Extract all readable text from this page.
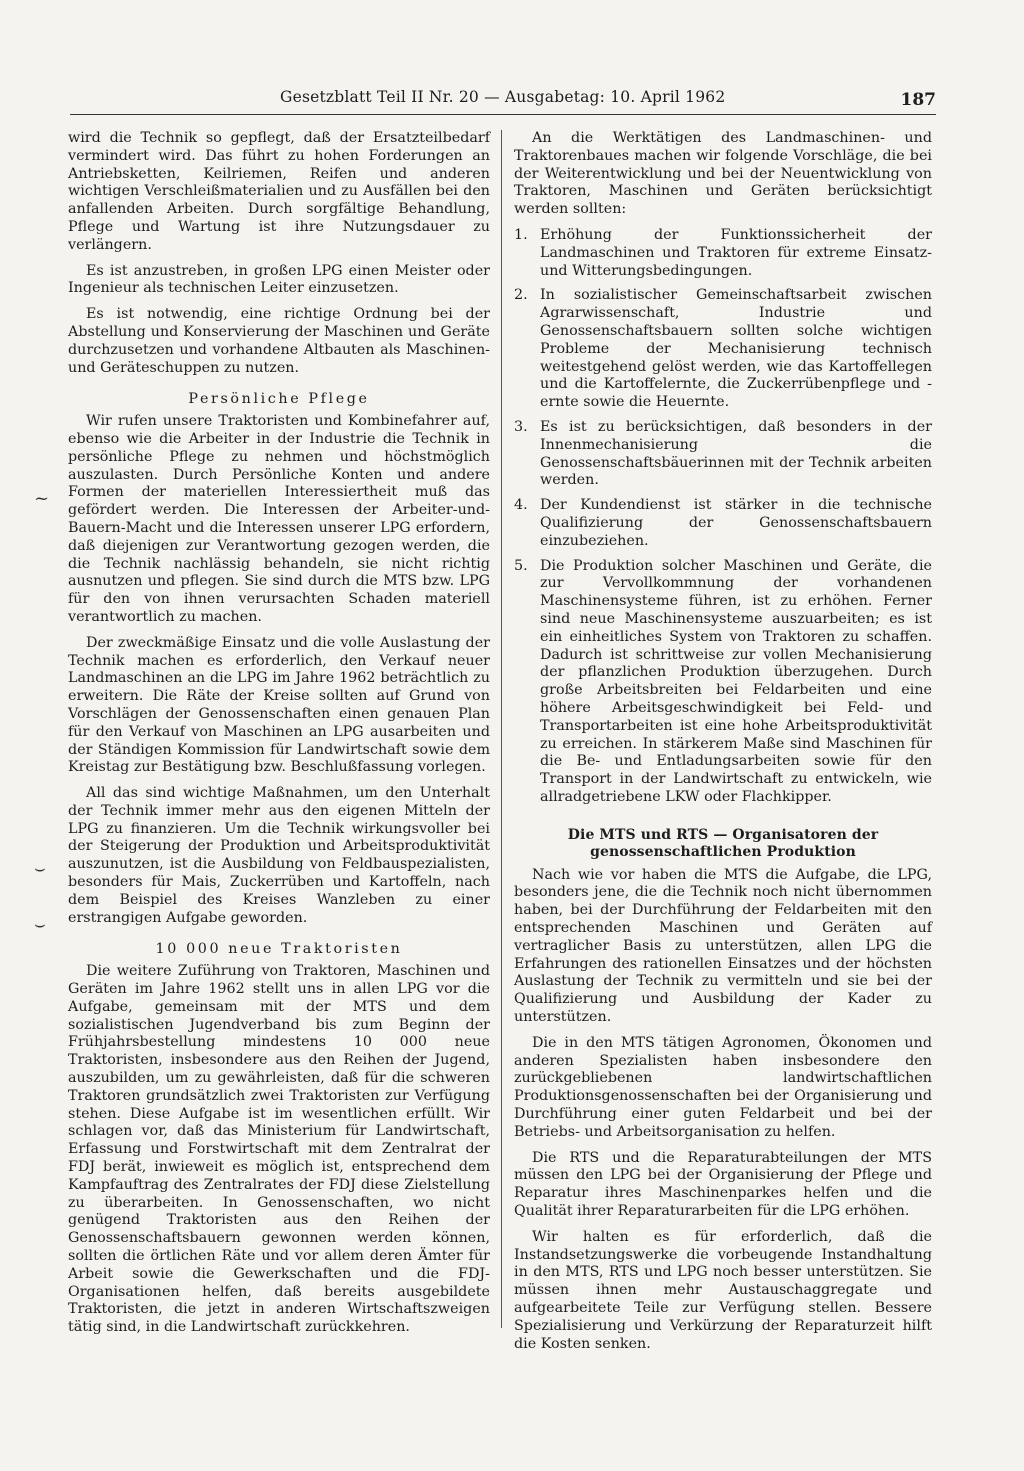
Gesetzblatt Teil II Nr. 20 — Ausgabetag: 10. April 1962	187
~
⌣
⌣

wird die Technik so gepflegt, daß der Ersatzteilbedarf vermindert wird. Das führt zu hohen Forderungen an Antriebsketten, Keilriemen, Reifen und anderen wichtigen Verschleißmaterialien und zu Ausfällen bei den anfallenden Arbeiten. Durch sorgfältige Behandlung, Pflege und Wartung ist ihre Nutzungsdauer zu verlängern.

Es ist anzustreben, in großen LPG einen Meister oder Ingenieur als technischen Leiter einzusetzen.

Es ist notwendig, eine richtige Ordnung bei der Abstellung und Konservierung der Maschinen und Geräte durchzusetzen und vorhandene Altbauten als Maschinen- und Geräteschuppen zu nutzen.

Persönliche Pflege

Wir rufen unsere Traktoristen und Kombinefahrer auf, ebenso wie die Arbeiter in der Industrie die Technik in persönliche Pflege zu nehmen und höchstmöglich auszulasten. Durch Persönliche Konten und andere Formen der materiellen Interessiertheit muß das gefördert werden. Die Interessen der Arbeiter-und-Bauern-Macht und die Interessen unserer LPG erfordern, daß diejenigen zur Verantwortung gezogen werden, die die Technik nachlässig behandeln, sie nicht richtig ausnutzen und pflegen. Sie sind durch die MTS bzw. LPG für den von ihnen verursachten Schaden materiell verantwortlich zu machen.

Der zweckmäßige Einsatz und die volle Auslastung der Technik machen es erforderlich, den Verkauf neuer Landmaschinen an die LPG im Jahre 1962 beträchtlich zu erweitern. Die Räte der Kreise sollten auf Grund von Vorschlägen der Genossenschaften einen genauen Plan für den Verkauf von Maschinen an LPG ausarbeiten und der Ständigen Kommission für Landwirtschaft sowie dem Kreistag zur Bestätigung bzw. Beschlußfassung vorlegen.

All das sind wichtige Maßnahmen, um den Unterhalt der Technik immer mehr aus den eigenen Mitteln der LPG zu finanzieren. Um die Technik wirkungsvoller bei der Steigerung der Produktion und Arbeitsproduktivität auszunutzen, ist die Ausbildung von Feldbauspezialisten, besonders für Mais, Zuckerrüben und Kartoffeln, nach dem Beispiel des Kreises Wanzleben zu einer erstrangigen Aufgabe geworden.

10 000 neue Traktoristen

Die weitere Zuführung von Traktoren, Maschinen und Geräten im Jahre 1962 stellt uns in allen LPG vor die Aufgabe, gemeinsam mit der MTS und dem sozialistischen Jugendverband bis zum Beginn der Frühjahrsbestellung mindestens 10 000 neue Traktoristen, insbesondere aus den Reihen der Jugend, auszubilden, um zu gewährleisten, daß für die schweren Traktoren grundsätzlich zwei Traktoristen zur Verfügung stehen. Diese Aufgabe ist im wesentlichen erfüllt. Wir schlagen vor, daß das Ministerium für Landwirtschaft, Erfassung und Forstwirtschaft mit dem Zentralrat der FDJ berät, inwieweit es möglich ist, entsprechend dem Kampfauftrag des Zentralrates der FDJ diese Zielstellung zu überarbeiten. In Genossenschaften, wo nicht genügend Traktoristen aus den Reihen der Genossenschaftsbauern gewonnen werden können, sollten die örtlichen Räte und vor allem deren Ämter für Arbeit sowie die Gewerkschaften und die FDJ-Organisationen helfen, daß bereits ausgebildete Traktoristen, die jetzt in anderen Wirtschaftszweigen tätig sind, in die Landwirtschaft zurückkehren.

An die Werktätigen des Landmaschinen- und Traktorenbaues machen wir folgende Vorschläge, die bei der Weiterentwicklung und bei der Neuentwicklung von Traktoren, Maschinen und Geräten berücksichtigt werden sollten:

1. Erhöhung der Funktionssicherheit der Landmaschinen und Traktoren für extreme Einsatz- und Witterungsbedingungen.
2. In sozialistischer Gemeinschaftsarbeit zwischen Agrarwissenschaft, Industrie und Genossenschaftsbauern sollten solche wichtigen Probleme der Mechanisierung technisch weitestgehend gelöst werden, wie das Kartoffellegen und die Kartoffelernte, die Zuckerrübenpflege und -ernte sowie die Heuernte.
3. Es ist zu berücksichtigen, daß besonders in der Innenmechanisierung die Genossenschaftsbäuerinnen mit der Technik arbeiten werden.
4. Der Kundendienst ist stärker in die technische Qualifizierung der Genossenschaftsbauern einzubeziehen.
5. Die Produktion solcher Maschinen und Geräte, die zur Vervollkommnung der vorhandenen Maschinensysteme führen, ist zu erhöhen. Ferner sind neue Maschinensysteme auszuarbeiten; es ist ein einheitliches System von Traktoren zu schaffen. Dadurch ist schrittweise zur vollen Mechanisierung der pflanzlichen Produktion überzugehen. Durch große Arbeitsbreiten bei Feldarbeiten und eine höhere Arbeitsgeschwindigkeit bei Feld- und Transportarbeiten ist eine hohe Arbeitsproduktivität zu erreichen. In stärkerem Maße sind Maschinen für die Be- und Entladungsarbeiten sowie für den Transport in der Landwirtschaft zu entwickeln, wie allradgetriebene LKW oder Flachkipper.
Die MTS und RTS — Organisatoren der genossenschaftlichen Produktion

Nach wie vor haben die MTS die Aufgabe, die LPG, besonders jene, die die Technik noch nicht übernommen haben, bei der Durchführung der Feldarbeiten mit den entsprechenden Maschinen und Geräten auf vertraglicher Basis zu unterstützen, allen LPG die Erfahrungen des rationellen Einsatzes und der höchsten Auslastung der Technik zu vermitteln und sie bei der Qualifizierung und Ausbildung der Kader zu unterstützen.

Die in den MTS tätigen Agronomen, Ökonomen und anderen Spezialisten haben insbesondere den zurückgebliebenen landwirtschaftlichen Produktionsgenossenschaften bei der Organisierung und Durchführung einer guten Feldarbeit und bei der Betriebs- und Arbeitsorganisation zu helfen.

Die RTS und die Reparaturabteilungen der MTS müssen den LPG bei der Organisierung der Pflege und Reparatur ihres Maschinenparkes helfen und die Qualität ihrer Reparaturarbeiten für die LPG erhöhen.

Wir halten es für erforderlich, daß die Instandsetzungswerke die vorbeugende Instandhaltung in den MTS, RTS und LPG noch besser unterstützen. Sie müssen ihnen mehr Austauschaggregate und aufgearbeitete Teile zur Verfügung stellen. Bessere Spezialisierung und Verkürzung der Reparaturzeit hilft die Kosten senken.
